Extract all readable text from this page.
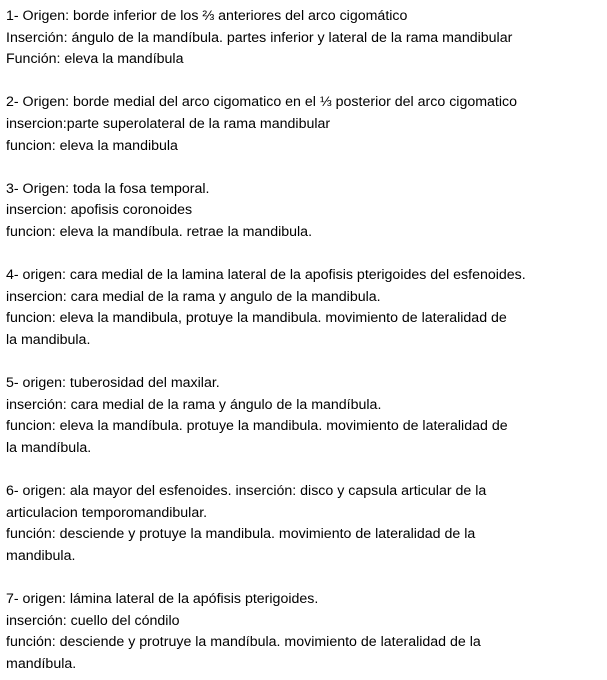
1- Origen: borde inferior de los ⅔ anteriores del arco cigomático
Inserción: ángulo de la mandíbula. partes inferior y lateral de la rama mandibular
Función: eleva la mandíbula
2- Origen: borde medial del arco cigomatico en el ⅓ posterior del arco cigomatico
insercion:parte superolateral de la rama mandibular
funcion: eleva la mandibula
3- Origen: toda la fosa temporal.
insercion: apofisis coronoides
funcion: eleva la mandíbula. retrae la mandibula.
4- origen: cara medial de la lamina lateral de la apofisis pterigoides del esfenoides.
insercion: cara medial de la rama y angulo de la mandibula.
funcion: eleva la mandibula, protuye la mandibula. movimiento de lateralidad de
la mandibula.
5- origen: tuberosidad del maxilar.
inserción: cara medial de la rama y ángulo de la mandíbula.
funcion: eleva la mandíbula. protuye la mandibula. movimiento de lateralidad de
la mandíbula.
6- origen: ala mayor del esfenoides. inserción: disco y capsula articular de la
articulacion temporomandibular.
función: desciende y protuye la mandibula. movimiento de lateralidad de la
mandibula.
7- origen: lámina lateral de la apófisis pterigoides.
inserción: cuello del cóndilo
función: desciende y protruye la mandíbula. movimiento de lateralidad de la
mandíbula.
